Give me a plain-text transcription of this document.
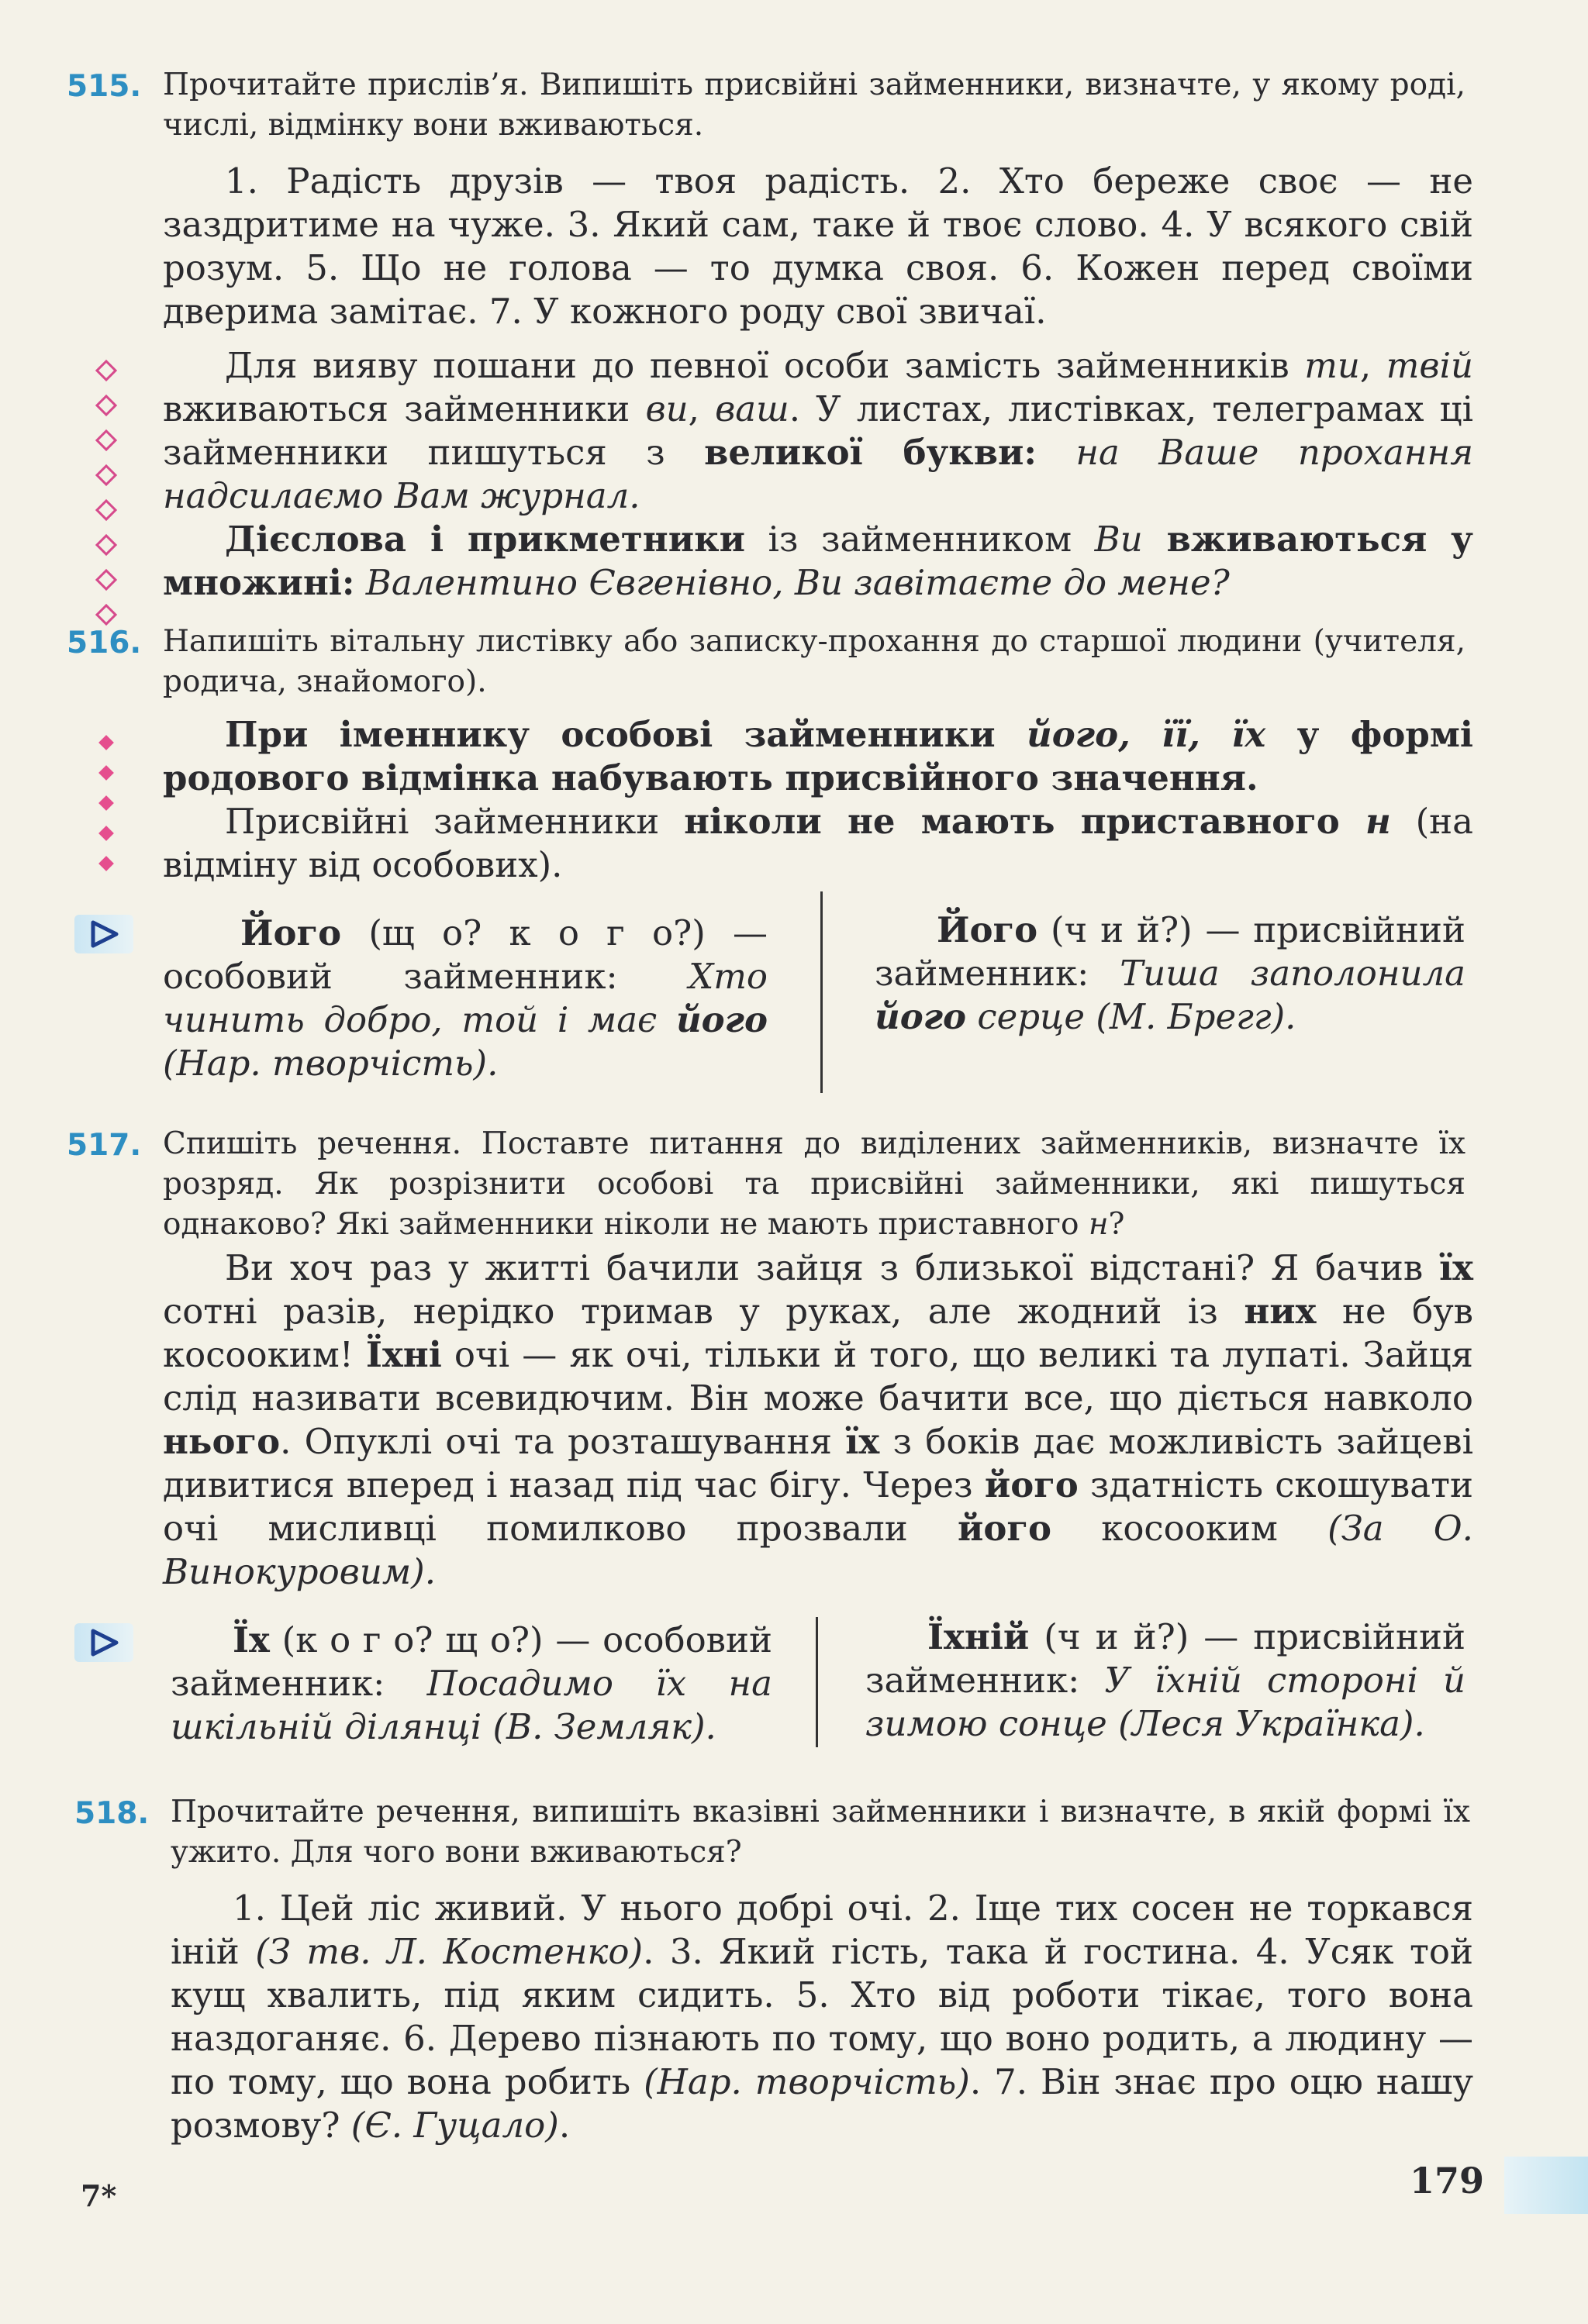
515. Прочитайте прислів’я. Випишіть присвійні займенники, визначте, у якому роді, числі, відмінку вони вживаються.
1. Радість друзів — твоя радість. 2. Хто береже своє — не заздритиме на чуже. 3. Який сам, таке й твоє слово. 4. У всякого свій розум. 5. Що не голова — то думка своя. 6. Кожен перед своїми дверима замітає. 7. У кожного роду свої звичаї.

Для вияву пошани до певної особи замість займенників ти, твій вживаються займенники ви, ваш. У листах, листівках, телеграмах ці займенники пишуться з великої букви: на Ваше прохання надсилаємо Вам журнал.

Дієслова і прикметники із займенником Ви вживаються у множині: Валентино Євгенівно, Ви завітаєте до мене?

516. Напишіть вітальну листівку або записку-прохання до старшої людини (учителя, родича, знайомого).

При іменнику особові займенники його, її, їх у формі родового відмінка набувають присвійного значення.

Присвійні займенники ніколи не мають приставного н (на відміну від особових).

Його (щ о? к о г о?) — особовий займенник: Хто чинить добро, той і має його (Нар. творчість).
Його (ч и й?) — присвійний займенник: Тиша заполонила його серце (М. Брегг).
517. Спишіть речення. Поставте питання до виділених займенників, визначте їх розряд. Як розрізнити особові та присвійні займенники, які пишуться однаково? Які займенники ніколи не мають приставного н?
Ви хоч раз у житті бачили зайця з близької відстані? Я бачив їх сотні разів, нерідко тримав у руках, але жодний із них не був косооким! Їхні очі — як очі, тільки й того, що великі та лупаті. Зайця слід називати всевидючим. Він може бачити все, що діється навколо нього. Опуклі очі та розташування їх з боків дає можливість зайцеві дивитися вперед і назад під час бігу. Через його здатність скошувати очі мисливці помилково прозвали його косооким (За О. Винокуровим).
Їх (к о г о? щ о?) — особовий займенник: Посадимо їх на шкільній ділянці (В. Земляк).
Їхній (ч и й?) — присвійний займенник: У їхній стороні й зимою сонце (Леся Українка).
518. Прочитайте речення, випишіть вказівні займенники і визначте, в якій формі їх ужито. Для чого вони вживаються?
1. Цей ліс живий. У нього добрі очі. 2. Іще тих сосен не торкався іній (З тв. Л. Костенко). 3. Який гість, така й гостина. 4. Усяк той кущ хвалить, під яким сидить. 5. Хто від роботи тікає, того вона наздоганяє. 6. Дерево пізнають по тому, що воно родить, а людину — по тому, що вона робить (Нар. творчість). 7. Він знає про оцю нашу розмову? (Є. Гуцало).
7*	179
